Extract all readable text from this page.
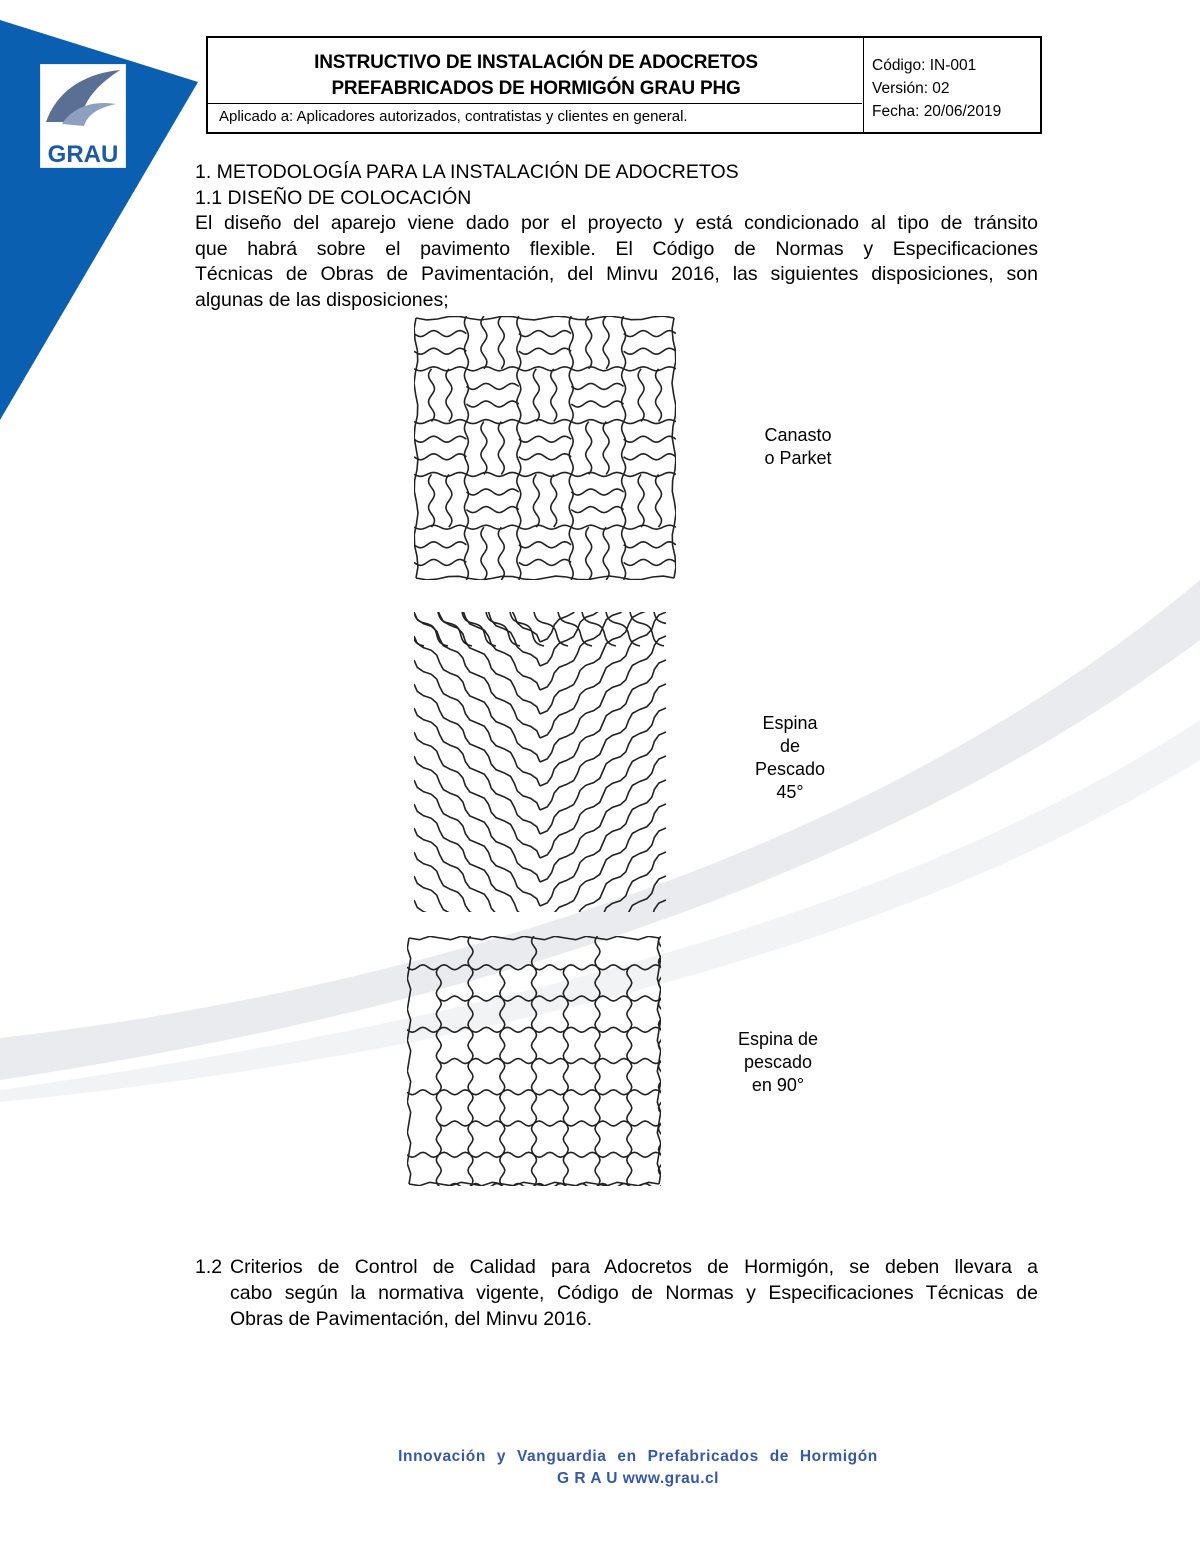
GRAU
INSTRUCTIVO DE INSTALACIÓN DE ADOCRETOS
PREFABRICADOS DE HORMIGÓN GRAU PHG
Aplicado a: Aplicadores autorizados, contratistas y clientes en general.
Código: IN-001
Versión: 02
Fecha: 20/06/2019
1. METODOLOGÍA PARA LA INSTALACIÓN DE ADOCRETOS
1.1 DISEÑO DE COLOCACIÓN
El diseño del aparejo viene dado por el proyecto y está condicionado al tipo de tránsito
que habrá sobre el pavimento flexible. El Código de Normas y Especificaciones
Técnicas de Obras de Pavimentación, del Minvu 2016, las siguientes disposiciones, son
algunas de las disposiciones;
Canasto
o Parket
Espina
de
Pescado
45°
Espina de
pescado
en 90°
1.2 Criterios de Control de Calidad para Adocretos de Hormigón, se deben llevara a
cabo según la normativa vigente, Código de Normas y Especificaciones Técnicas de
Obras de Pavimentación, del Minvu 2016.
Innovación y Vanguardia en Prefabricados de Hormigón
G R A U www.grau.cl
